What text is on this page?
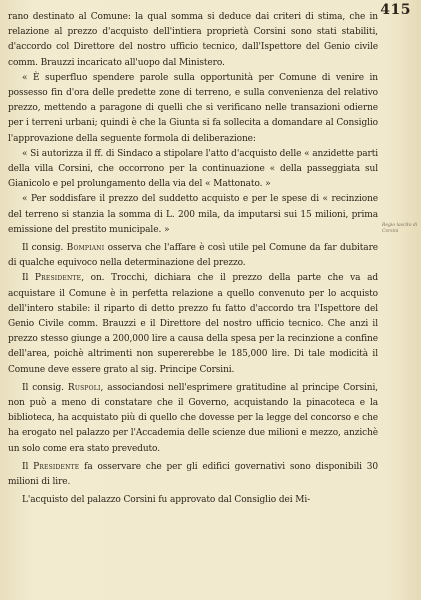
415
Regio lascito di Corsini

rano destinato al Comune: la qual somma si deduce dai criteri di stima, che in relazione al prezzo d'acquisto dell'intiera proprietà Corsini sono stati stabiliti, d'accordo col Direttore del nostro ufficio tecnico, dall'Ispettore del Genio civile comm. Brauzzi incaricato all'uopo dal Ministero.

« È superfluo spendere parole sulla opportunità per Comune di venire in possesso fin d'ora delle predette zone di terreno, e sulla convenienza del relativo prezzo, mettendo a paragone di quelli che si verificano nelle transazioni odierne per i terreni urbani; quindi è che la Giunta si fa sollecita a domandare al Consiglio l'approvazione della seguente formola di deliberazione:

« Si autorizza il ff. di Sindaco a stipolare l'atto d'acquisto delle « anzidette parti della villa Corsini, che occorrono per la continuazione « della passeggiata sul Gianicolo e pel prolungamento della via del « Mattonato. »

« Per soddisfare il prezzo del suddetto acquisto e per le spese di « recinzione del terreno si stanzia la somma di L. 200 mila, da imputarsi sui 15 milioni, prima emissione del prestito municipale. »

Il consig. Bompiani osserva che l'affare è così utile pel Comune da far dubitare di qualche equivoco nella determinazione del prezzo.

Il Presidente, on. Trocchi, dichiara che il prezzo della parte che va ad acquistare il Comune è in perfetta relazione a quello convenuto per lo acquisto dell'intero stabile: il riparto di detto prezzo fu fatto d'accordo tra l'Ispettore del Genio Civile comm. Brauzzi e il Direttore del nostro ufficio tecnico. Che anzi il prezzo stesso giunge a 200,000 lire a causa della spesa per la recinzione a confine dell'area, poichè altrimenti non supererebbe le 185,000 lire. Di tale modicità il Comune deve essere grato al sig. Principe Corsini.

Il consig. Ruspoli, associandosi nell'esprimere gratitudine al principe Corsini, non può a meno di constatare che il Governo, acquistando la pinacoteca e la biblioteca, ha acquistato più di quello che dovesse per la legge del concorso e che ha erogato nel palazzo per l'Accademia delle scienze due milioni e mezzo, anzichè un solo come era stato preveduto.

Il Presidente fa osservare che per gli edifici governativi sono disponibili 30 milioni di lire.

L'acquisto del palazzo Corsini fu approvato dal Consiglio dei Mi-
